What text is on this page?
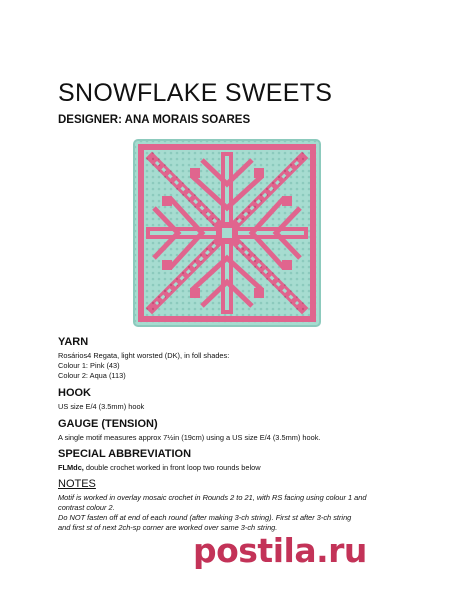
SNOWFLAKE SWEETS
DESIGNER: ANA MORAIS SOARES
YARN
Rosários4 Regata, light worsted (DK), in foll shades:
Colour 1: Pink (43)
Colour 2: Aqua (113)
HOOK
US size E/4 (3.5mm) hook
GAUGE (TENSION)
A single motif measures approx 7½in (19cm) using a US size E/4 (3.5mm) hook.
SPECIAL ABBREVIATION
FLMdc, double crochet worked in front loop two rounds below
NOTES
Motif is worked in overlay mosaic crochet in Rounds 2 to 21, with RS facing using colour 1 and
contrast colour 2.
Do NOT fasten off at end of each round (after making 3-ch string). First st after 3-ch string
and first st of next 2ch-sp corner are worked over same 3-ch string.
postila.ru
